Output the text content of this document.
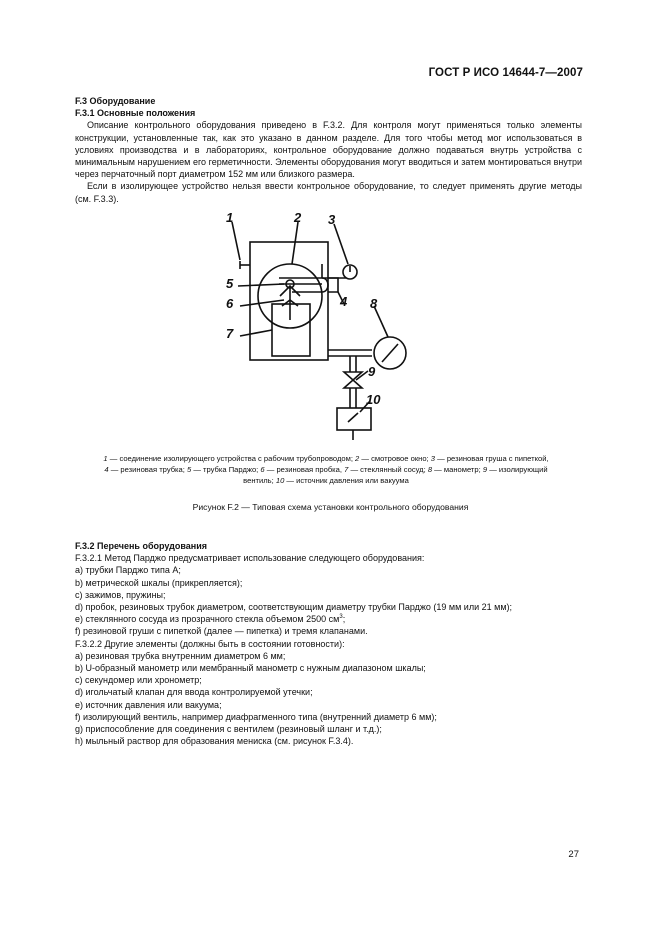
ГОСТ Р ИСО 14644-7—2007

F.3 Оборудование

F.3.1 Основные положения

Описание контрольного оборудования приведено в F.3.2. Для контроля могут применяться только элементы конструкции, установленные так, как это указано в данном разделе. Для того чтобы метод мог использоваться в условиях производства и в лабораториях, контрольное оборудование должно подаваться внутрь устройства с минимальным нарушением его герметичности. Элементы оборудования могут вводиться и затем монтироваться внутри через перчаточный порт диаметром 152 мм или близкого размера.

Если в изолирующее устройство нельзя ввести контрольное оборудование, то следует применять другие методы (см. F.3.3).

1	2 3
4
5
6
7
8
9
10
1 — соединение изолирующего устройства с рабочим трубопроводом; 2 — смотровое окно; 3 — резиновая груша с пипеткой,
4 — резиновая трубка; 5 — трубка Парджо; 6 — резиновая пробка, 7 — стеклянный сосуд; 8 — манометр; 9 — изолирующий
вентиль; 10 — источник давления или вакуума
Рисунок F.2 — Типовая схема установки контрольного оборудования

F.3.2 Перечень оборудования

F.3.2.1 Метод Парджо предусматривает использование следующего оборудования:

a) трубки Парджо типа А;

b) метрической шкалы (прикрепляется);

c) зажимов, пружины;

d) пробок, резиновых трубок диаметром, соответствующим диаметру трубки Парджо (19 мм или 21 мм);

e) стеклянного сосуда из прозрачного стекла объемом 2500 $см^3$;

f) резиновой груши с пипеткой (далее — пипетка) и тремя клапанами.

F.3.2.2 Другие элементы (должны быть в состоянии готовности):

a) резиновая трубка внутренним диаметром 6 мм;

b) U-образный манометр или мембранный манометр с нужным диапазоном шкалы;

c) секундомер или хронометр;

d) игольчатый клапан для ввода контролируемой утечки;

e) источник давления или вакуума;

f) изолирующий вентиль, например диафрагменного типа (внутренний диаметр 6 мм);

g) приспособление для соединения с вентилем (резиновый шланг и т.д.);

h) мыльный раствор для образования мениска (см. рисунок F.3.4).

27
